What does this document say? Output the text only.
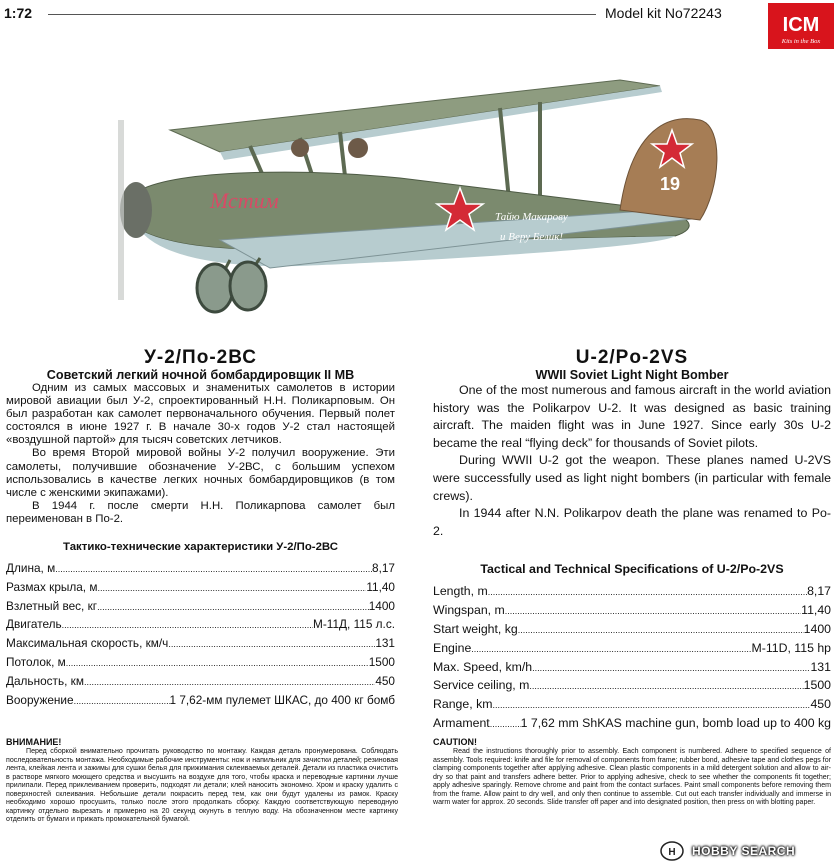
1:72	Model kit No72243
ICM
Kits in the Box
19
Мстим
Тайю Макарову
и Веру Белик!
У-2/По-2ВС
Советский легкий ночной бомбардировщик II МВ

Одним из самых массовых и знаменитых самолетов в истории мировой авиации был У-2, спроектированный Н.Н. Поликарповым. Он был разработан как самолет первоначального обучения. Первый полет состоялся в июне 1927 г. В начале 30-х годов У-2 стал настоящей «воздушной партой» для тысяч советских летчиков.

Во время Второй мировой войны У-2 получил вооружение. Эти самолеты, получившие обозначение У-2ВС, с большим успехом использовались в качестве легких ночных бомбардировщиков (в том числе с женскими экипажами).

В 1944 г. после смерти Н.Н. Поликарпова самолет был переименован в По-2.

Тактико-технические характеристики У-2/По-2ВС
Длина, м .....	8,17
Размах крыла, м .....	11,40
Взлетный вес, кг .....	1400
Двигатель .....	М-11Д, 115 л.с.
Максимальная скорость, км/ч .....	131
Потолок, м .....	1500
Дальность, км .....	450
Вооружение .....	1 7,62-мм пулемет ШКАС, до 400 кг бомб
U-2/Po-2VS
WWII Soviet Light Night Bomber

One of the most numerous and famous aircraft in the world aviation history was the Polikarpov U-2. It was designed as basic training aircraft. The maiden flight was in June 1927. Since early 30s U-2 became the real “flying deck” for thousands of Soviet pilots.

During WWII U-2 got the weapon. These planes named U-2VS were successfully used as light night bombers (in particular with female crews).

In 1944 after N.N. Polikarpov death the plane was renamed to Po-2.

Tactical and Technical Specifications of U-2/Po-2VS
Length, m .....	8,17
Wingspan, m .....	11,40
Start weight, kg .....	1400
Engine .....	M-11D, 115 hp
Max. Speed, km/h .....	131
Service ceiling, m .....	1500
Range, km .....	450
Armament .....	1 7,62 mm ShKAS machine gun, bomb load up to 400 kg
ВНИМАНИЕ!

Перед сборкой внимательно прочитать руководство по монтажу. Каждая деталь пронумерована. Соблюдать последовательность монтажа. Необходимые рабочие инструменты: нож и напильник для зачистки деталей; резиновая лента, клейкая лента и зажимы для сушки белья для прижимания склеиваемых деталей. Детали из пластика очистить в растворе мягкого моющего средства и высушить на воздухе для того, чтобы краска и переводные картинки лучше прилипали. Перед приклеиванием проверить, подходят ли детали; клей наносить экономно. Хром и краску удалить с поверхностей склеивания. Небольшие детали покрасить перед тем, как они будут удалены из рамок. Краску необходимо хорошо просушить, только после этого продолжать сборку. Каждую соответствующую переводную картинку отдельно вырезать и примерно на 20 секунд окунуть в теплую воду. На обозначенном месте картинку отделить от бумаги и прижать промокательной бумагой.

CAUTION!

Read the instructions thoroughly prior to assembly. Each component is numbered. Adhere to specified sequence of assembly. Tools required: knife and file for removal of components from frame; rubber bond, adhesive tape and clothes pegs for clamping components together after applying adhesive. Clean plastic components in a mild detergent solution and allow to air-dry so that paint and transfers adhere better. Prior to applying adhesive, check to see whether the components fit together; apply adhesive sparingly. Remove chrome and paint from the contact surfaces. Paint small components before removing them from the frame. Allow paint to dry well, and only then continue to assemble. Cut out each transfer individually and immerse in warm water for approx. 20 seconds. Slide transfer off paper and into designated position, then press on with blotting paper.

H HOBBY SEARCH
